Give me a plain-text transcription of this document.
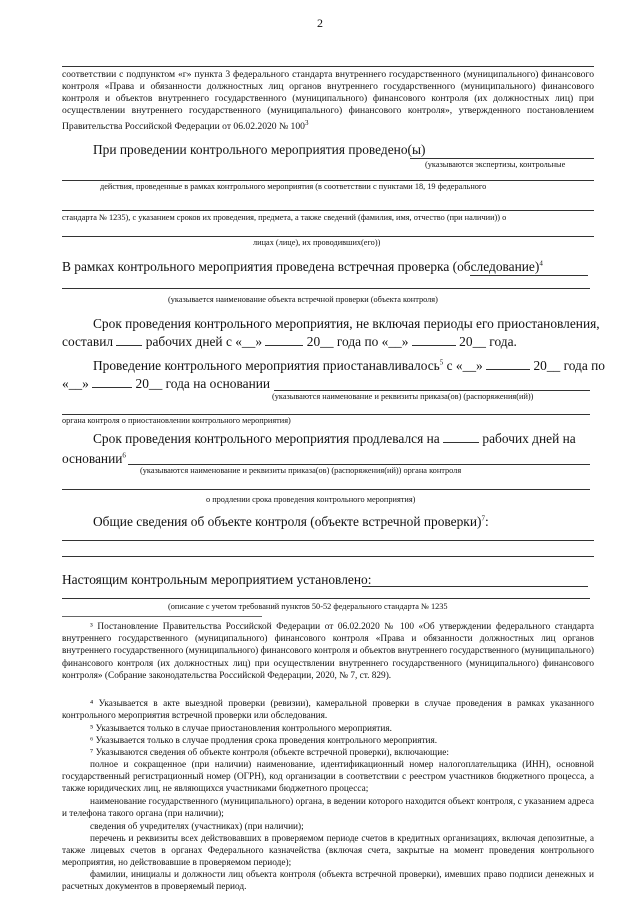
2
соответствии с подпунктом «г» пункта 3 федерального стандарта внутреннего государственного (муниципального) финансового контроля «Права и обязанности должностных лиц органов внутреннего государственного (муниципального) финансового контроля и объектов внутреннего государственного (муниципального) финансового контроля (их должностных лиц) при осуществлении внутреннего государственного (муниципального) финансового контроля», утвержденного постановлением Правительства Российской Федерации от 06.02.2020 № $100^3$
При проведении контрольного мероприятия проведено(ы)
(указываются экспертизы, контрольные
действия, проведенные в рамках контрольного мероприятия (в соответствии с пунктами 18, 19 федерального
стандарта № 1235), с указанием сроков их проведения, предмета, а также сведений (фамилия, имя, отчество (при наличии)) о
лицах (лице), их проводивших(его))
В рамках контрольного мероприятия проведена встречная проверка (обследование)$^4$
(указывается наименование объекта встречной проверки (объекта контроля)
Срок проведения контрольного мероприятия, не включая периоды его приостановления,
составил рабочих дней с «__»	20__ года по «__»	20__ года.
Проведение контрольного мероприятия приостанавливалось$^5$ с «__»	20__ года по
«__»	20__ года на основании
(указываются наименование и реквизиты приказа(ов) (распоряжения(ий))
органа контроля о приостановлении контрольного мероприятия)
Срок проведения контрольного мероприятия продлевался на	рабочих дней на
основании$^6$
(указываются наименование и реквизиты приказа(ов) (распоряжения(ий)) органа контроля
о продлении срока проведения контрольного мероприятия)
Общие сведения об объекте контроля (объекте встречной проверки)$^7$:
Настоящим контрольным мероприятием установлено:
(описание с учетом требований пунктов 50-52 федерального стандарта № 1235
³ Постановление Правительства Российской Федерации от 06.02.2020 № 100 «Об утверждении федерального стандарта внутреннего государственного (муниципального) финансового контроля «Права и обязанности должностных лиц органов внутреннего государственного (муниципального) финансового контроля и объектов внутреннего государственного (муниципального) финансового контроля (их должностных лиц) при осуществлении внутреннего государственного (муниципального) финансового контроля» (Собрание законодательства Российской Федерации, 2020, № 7, ст. 829).
⁴ Указывается в акте выездной проверки (ревизии), камеральной проверки в случае проведения в рамках указанного контрольного мероприятия встречной проверки или обследования.
⁵ Указывается только в случае приостановления контрольного мероприятия.
⁶ Указывается только в случае продления срока проведения контрольного мероприятия.
⁷ Указываются сведения об объекте контроля (объекте встречной проверки), включающие:
полное и сокращенное (при наличии) наименование, идентификационный номер налогоплательщика (ИНН), основной государственный регистрационный номер (ОГРН), код организации в соответствии с реестром участников бюджетного процесса, а также юридических лиц, не являющихся участниками бюджетного процесса;
наименование государственного (муниципального) органа, в ведении которого находится объект контроля, с указанием адреса и телефона такого органа (при наличии);
сведения об учредителях (участниках) (при наличии);
перечень и реквизиты всех действовавших в проверяемом периоде счетов в кредитных организациях, включая депозитные, а также лицевых счетов в органах Федерального казначейства (включая счета, закрытые на момент проведения контрольного мероприятия, но действовавшие в проверяемом периоде);
фамилии, инициалы и должности лиц объекта контроля (объекта встречной проверки), имевших право подписи денежных и расчетных документов в проверяемый период.
